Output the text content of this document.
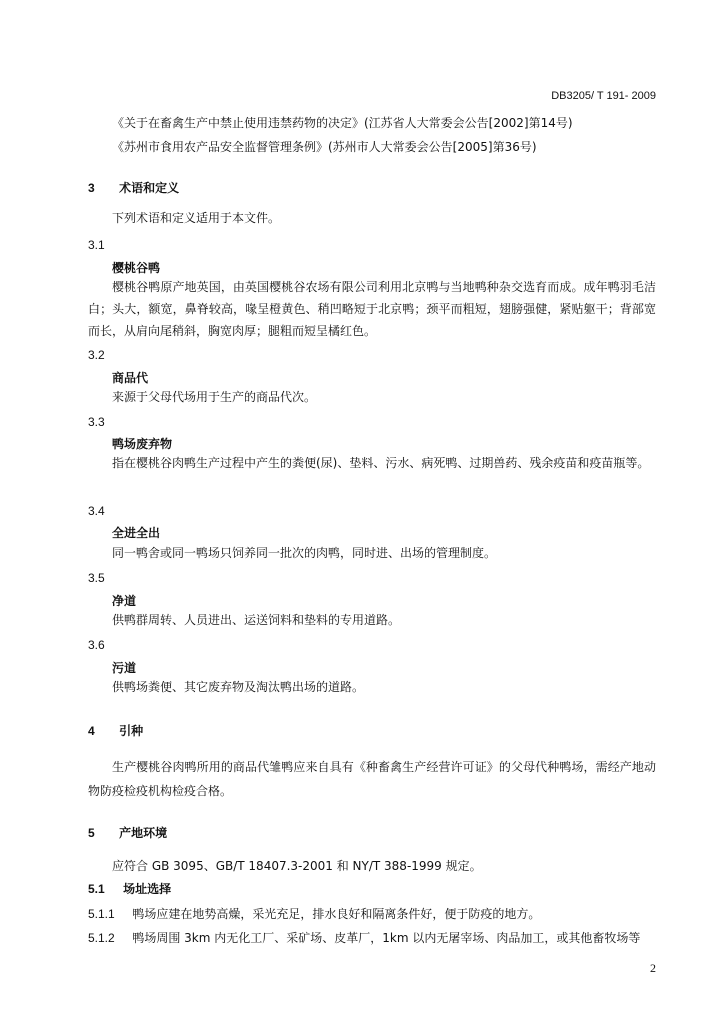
DB3205/ T 191- 2009
《关于在畜禽生产中禁止使用违禁药物的决定》(江苏省人大常委会公告[2002]第14号)
《苏州市食用农产品安全监督管理条例》(苏州市人大常委会公告[2005]第36号)
3 术语和定义
下列术语和定义适用于本文件。
3.1
樱桃谷鸭
樱桃谷鸭原产地英国，由英国樱桃谷农场有限公司利用北京鸭与当地鸭种杂交选育而成。成年鸭羽毛洁白；头大，额宽，鼻脊较高，喙呈橙黄色、稍凹略短于北京鸭；颈平而粗短，翅膀强健，紧贴躯干；背部宽而长，从肩向尾稍斜，胸宽肉厚；腿粗而短呈橘红色。
3.2
商品代
来源于父母代场用于生产的商品代次。
3.3
鸭场废弃物
指在樱桃谷肉鸭生产过程中产生的粪便(尿)、垫料、污水、病死鸭、过期兽药、残余疫苗和疫苗瓶等。
3.4
全进全出
同一鸭舍或同一鸭场只饲养同一批次的肉鸭，同时进、出场的管理制度。
3.5
净道
供鸭群周转、人员进出、运送饲料和垫料的专用道路。
3.6
污道
供鸭场粪便、其它废弃物及淘汰鸭出场的道路。
4 引种
生产樱桃谷肉鸭所用的商品代雏鸭应来自具有《种畜禽生产经营许可证》的父母代种鸭场，需经产地动物防疫检疫机构检疫合格。
5 产地环境
应符合 GB 3095、GB/T 18407.3-2001 和 NY/T 388-1999 规定。
5.1 场址选择
5.1.1 鸭场应建在地势高燥，采光充足，排水良好和隔离条件好，便于防疫的地方。
5.1.2 鸭场周围 3km 内无化工厂、采矿场、皮革厂，1km 以内无屠宰场、肉品加工，或其他畜牧场等
2
